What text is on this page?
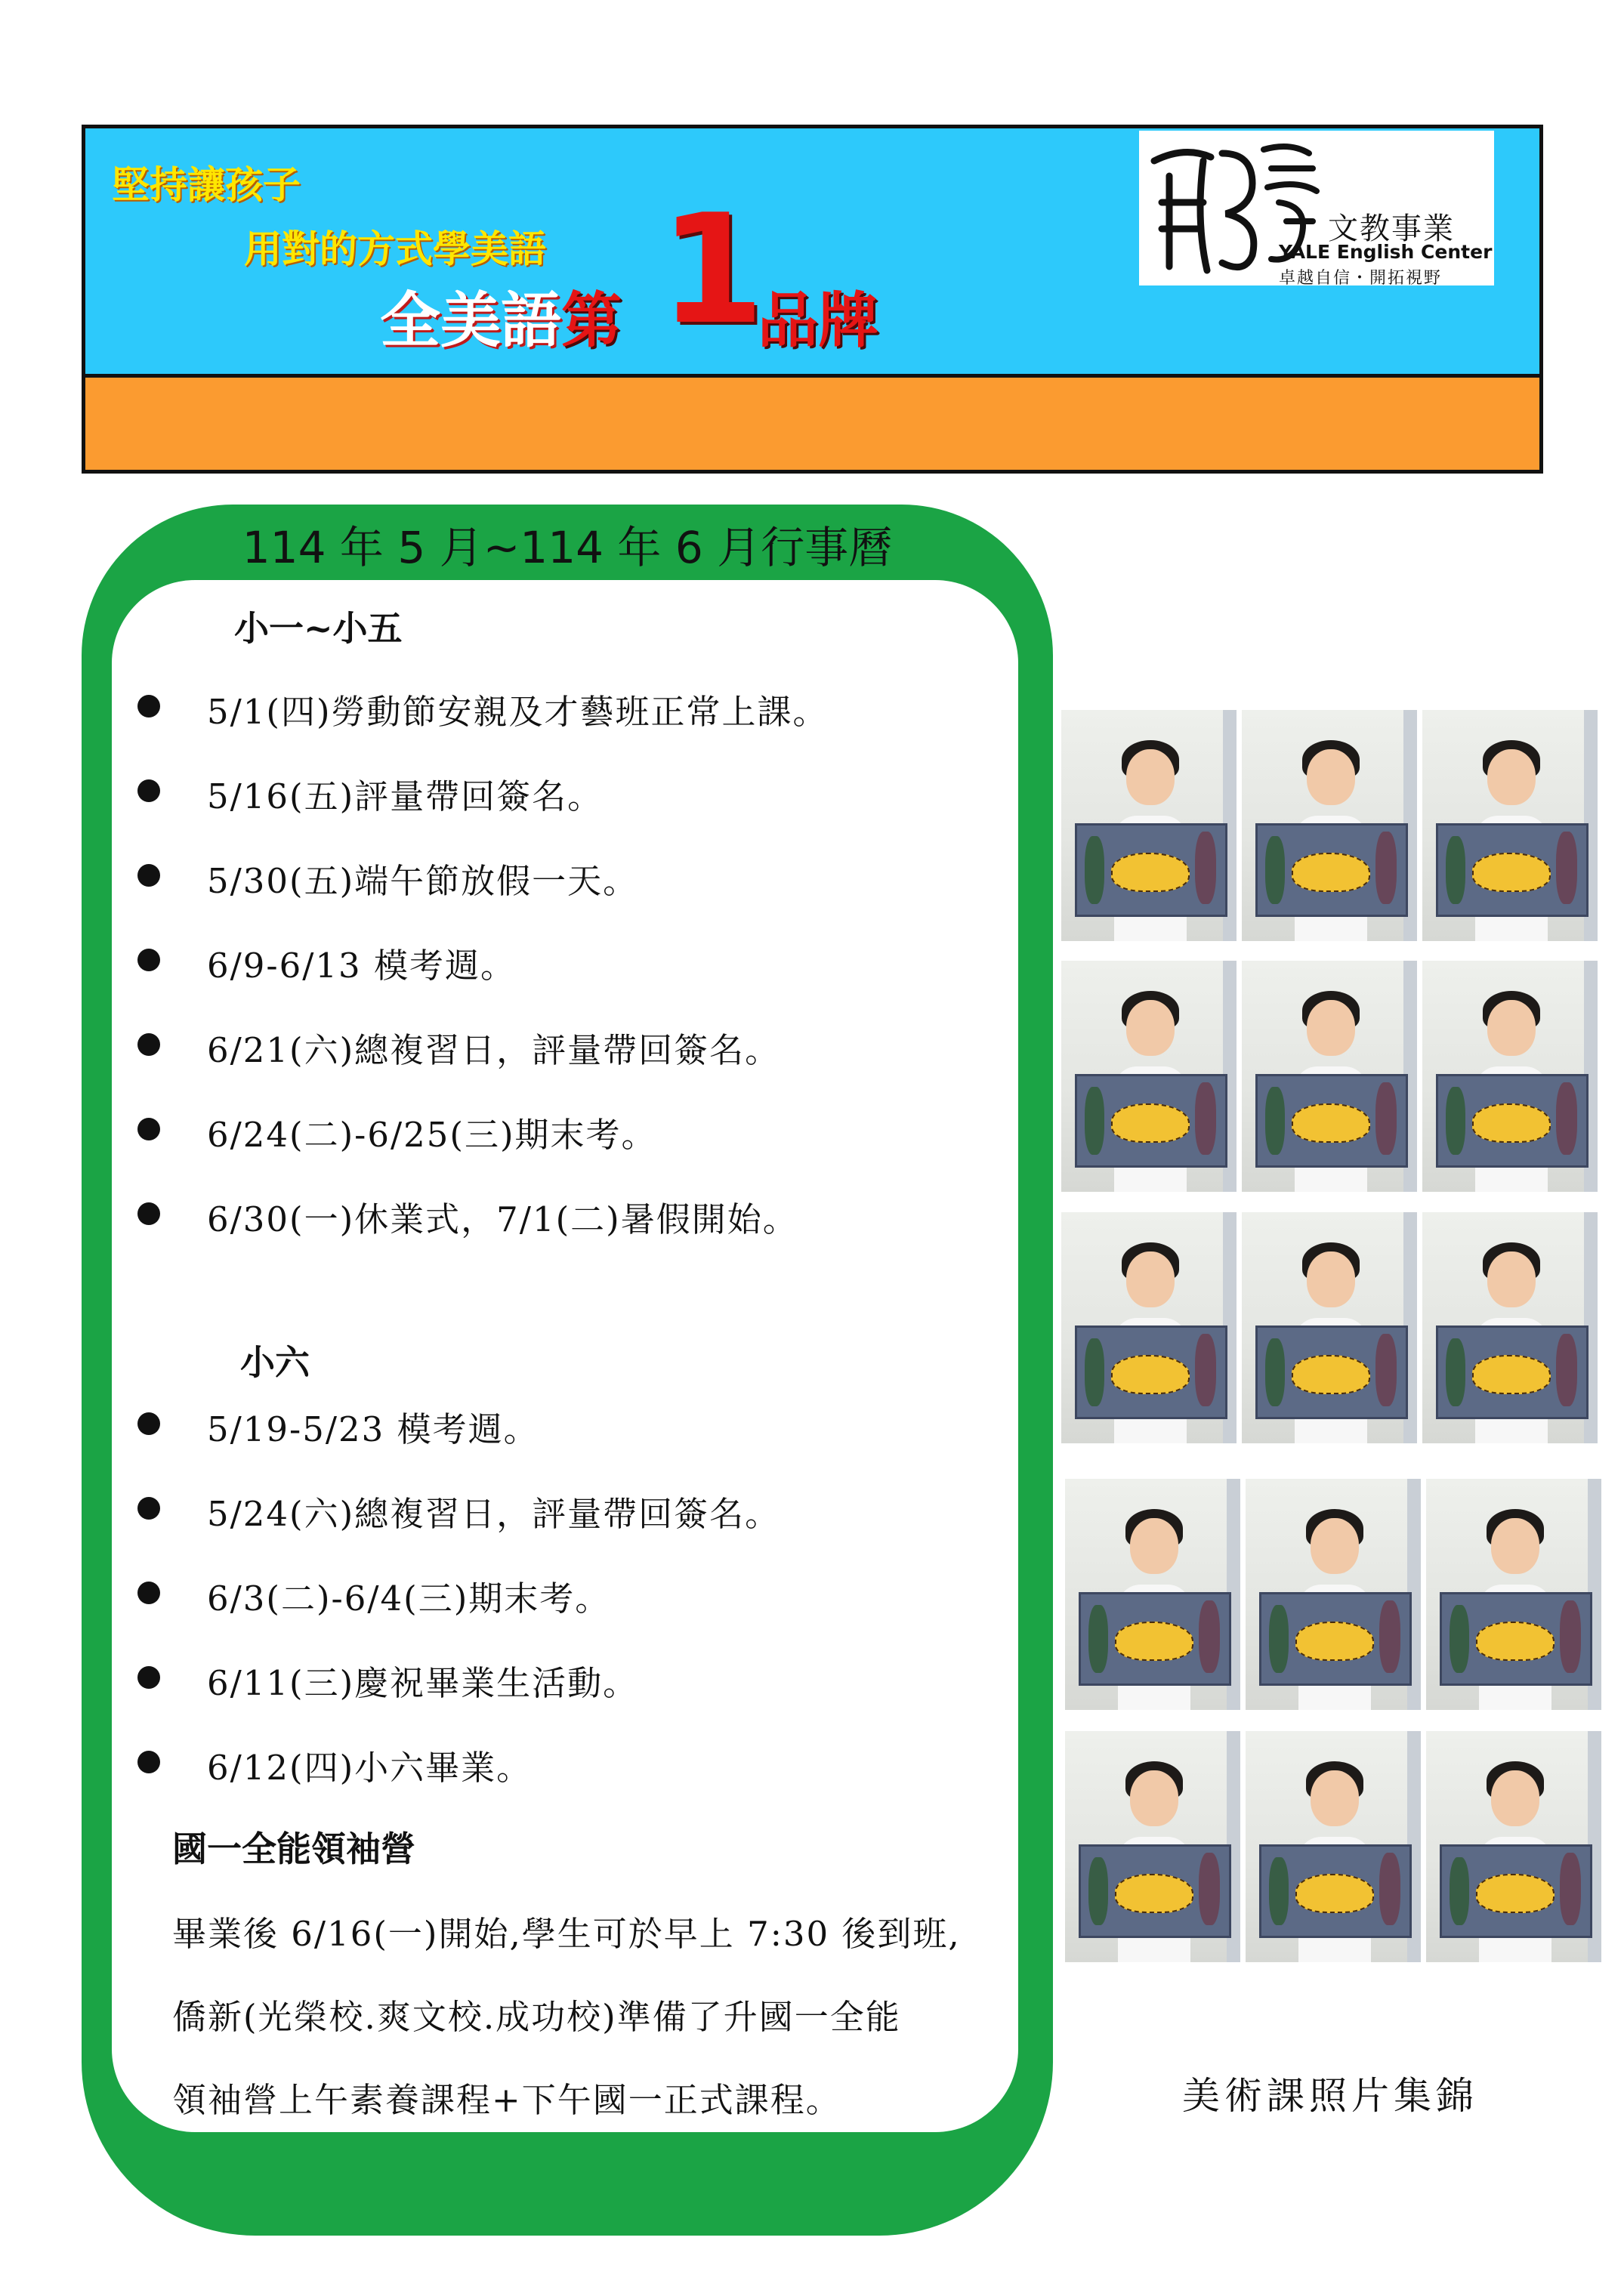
堅持讓孩子
用對的方式學美語
全美語第 1
品牌
文教事業
YALE English Center
卓越自信・開拓視野
114 年 5 月~114 年 6 月行事曆
小一~小五
5/1(四)勞動節安親及才藝班正常上課。
5/16(五)評量帶回簽名。
5/30(五)端午節放假一天。
6/9-6/13 模考週。
6/21(六)總複習日，評量帶回簽名。
6/24(二)-6/25(三)期末考。
6/30(一)休業式，7/1(二)暑假開始。
小六
5/19-5/23 模考週。
5/24(六)總複習日，評量帶回簽名。
6/3(二)-6/4(三)期末考。
6/11(三)慶祝畢業生活動。
6/12(四)小六畢業。
國一全能領袖營
畢業後 6/16(一)開始,學生可於早上 7:30 後到班,
僑新(光榮校.爽文校.成功校)準備了升國一全能
領袖營上午素養課程+下午國一正式課程。	美術課照片集錦
